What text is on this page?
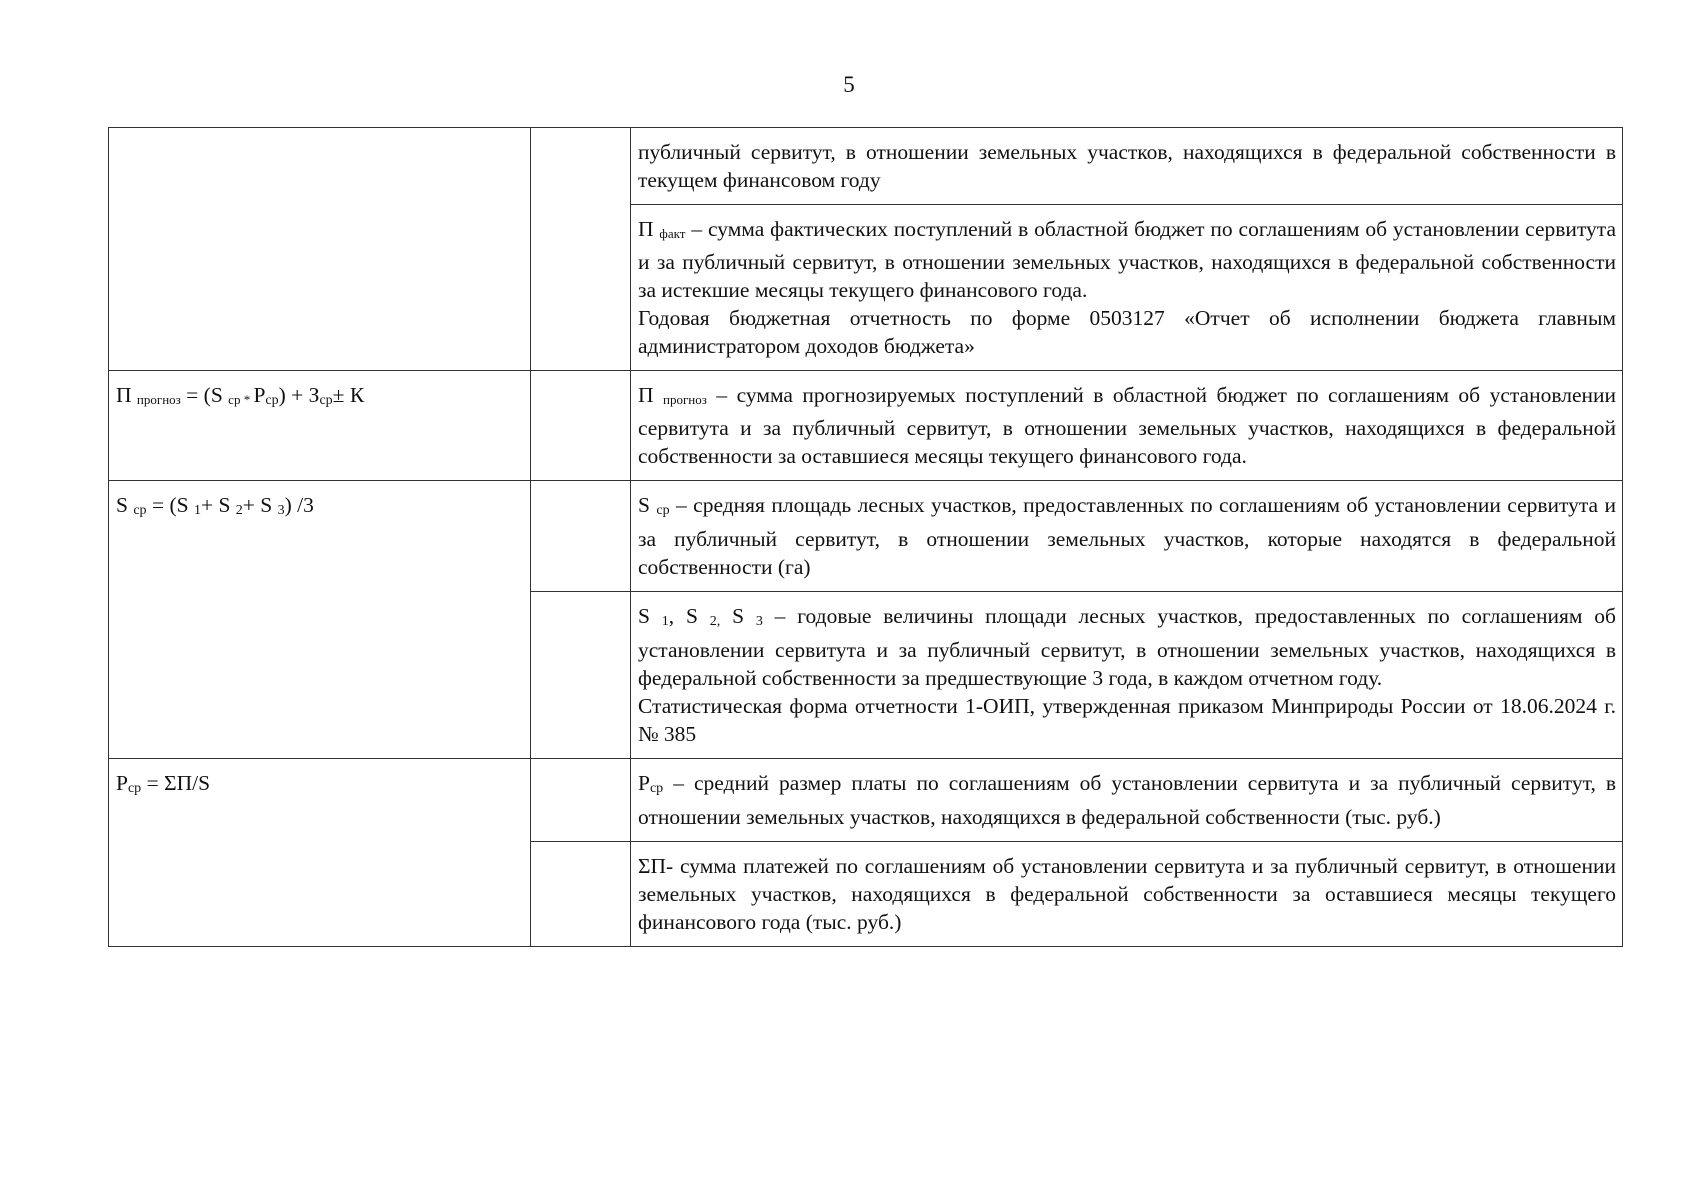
5

		публичный сервитут, в отношении земельных участков, находящихся в федеральной собственности в текущем финансовом году

		П факт – сумма фактических поступлений в областной бюджет по соглашениям об установлении сервитута и за публичный сервитут, в отношении земельных участков, находящихся в федеральной собственности за истекшие месяцы текущего финансового года.

Годовая бюджетная отчетность по форме 0503127 «Отчет об исполнении бюджета главным администратором доходов бюджета»

П прогноз = (S ср * Рср) + Зср± К		П прогноз – сумма прогнозируемых поступлений в областной бюджет по соглашениям об установлении сервитута и за публичный сервитут, в отношении земельных участков, находящихся в федеральной собственности за оставшиеся месяцы текущего финансового года.

S ср = (S 1+ S 2+ S 3) /3		S ср – средняя площадь лесных участков, предоставленных по соглашениям об установлении сервитута и за публичный сервитут, в отношении земельных участков, которые находятся в федеральной собственности (га)

		S 1, S 2, S 3 – годовые величины площади лесных участков, предоставленных по соглашениям об установлении сервитута и за публичный сервитут, в отношении земельных участков, находящихся в федеральной собственности за предшествующие 3 года, в каждом отчетном году.

Статистическая форма отчетности 1-ОИП, утвержденная приказом Минприроды России от 18.06.2024 г. № 385

Рср = ΣП/S		Рср – средний размер платы по соглашениям об установлении сервитута и за публичный сервитут, в отношении земельных участков, находящихся в федеральной собственности (тыс. руб.)

		ΣП- сумма платежей по соглашениям об установлении сервитута и за публичный сервитут, в отношении земельных участков, находящихся в федеральной собственности за оставшиеся месяцы текущего финансового года (тыс. руб.)
